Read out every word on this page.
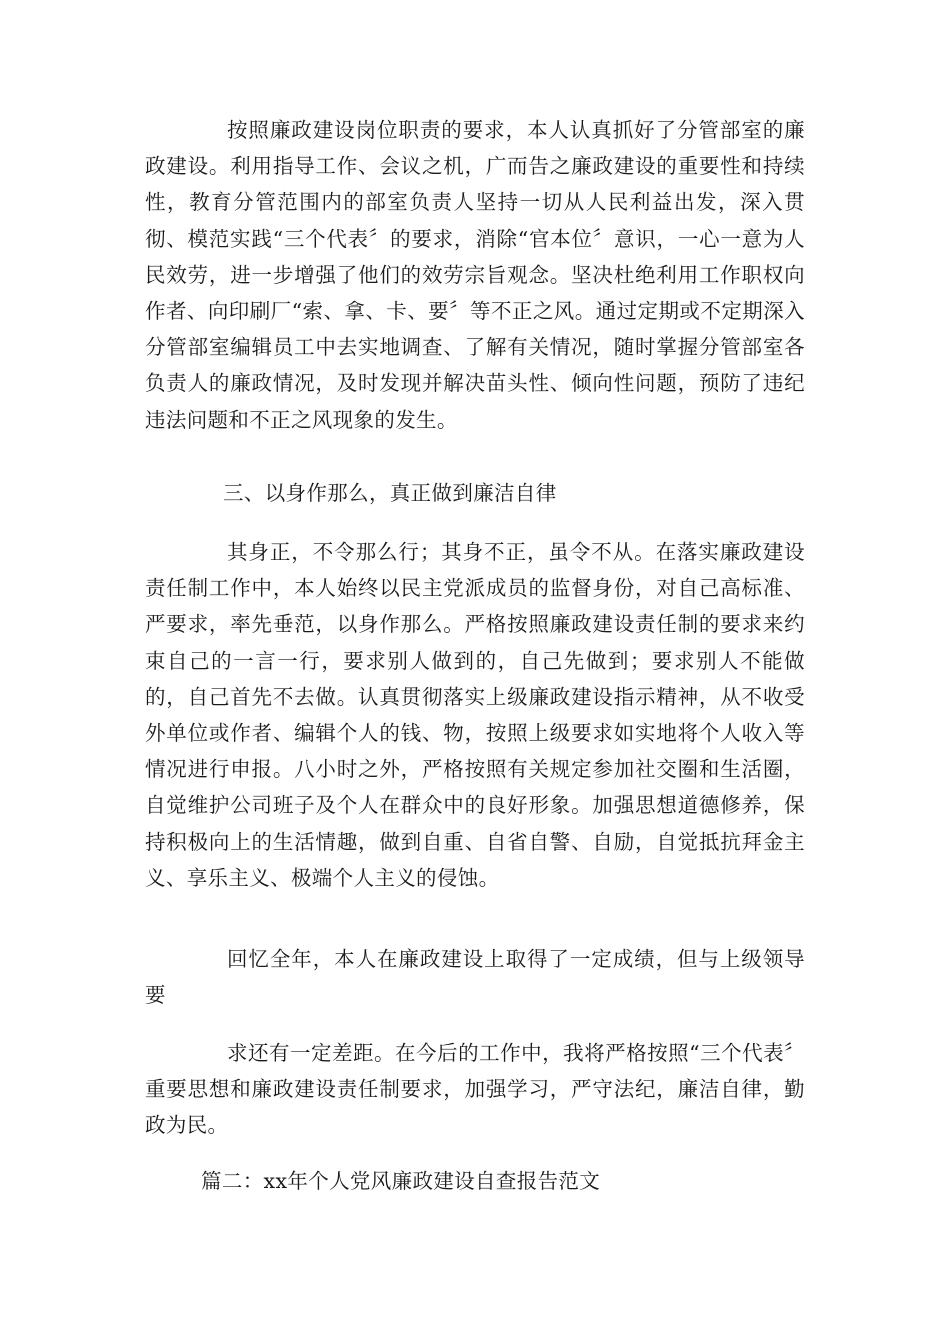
按照廉政建设岗位职责的要求，本人认真抓好了分管部室的廉政建设。利用指导工作、会议之机，广而告之廉政建设的重要性和持续性，教育分管范围内的部室负责人坚持一切从人民利益出发，深入贯彻、模范实践“三个代表〞的要求，消除“官本位〞意识，一心一意为人民效劳，进一步增强了他们的效劳宗旨观念。坚决杜绝利用工作职权向作者、向印刷厂“索、拿、卡、要〞等不正之风。通过定期或不定期深入分管部室编辑员工中去实地调查、了解有关情况，随时掌握分管部室各负责人的廉政情况，及时发现并解决苗头性、倾向性问题，预防了违纪违法问题和不正之风现象的发生。

三、以身作那么，真正做到廉洁自律

其身正，不令那么行；其身不正，虽令不从。在落实廉政建设责任制工作中，本人始终以民主党派成员的监督身份，对自己高标准、严要求，率先垂范，以身作那么。严格按照廉政建设责任制的要求来约束自己的一言一行，要求别人做到的，自己先做到；要求别人不能做的，自己首先不去做。认真贯彻落实上级廉政建设指示精神，从不收受外单位或作者、编辑个人的钱、物，按照上级要求如实地将个人收入等情况进行申报。八小时之外，严格按照有关规定参加社交圈和生活圈，自觉维护公司班子及个人在群众中的良好形象。加强思想道德修养，保持积极向上的生活情趣，做到自重、自省自警、自励，自觉抵抗拜金主义、享乐主义、极端个人主义的侵蚀。

回忆全年，本人在廉政建设上取得了一定成绩，但与上级领导要

求还有一定差距。在今后的工作中，我将严格按照“三个代表〞重要思想和廉政建设责任制要求，加强学习，严守法纪，廉洁自律，勤政为民。

篇二：xx年个人党风廉政建设自查报告范文
